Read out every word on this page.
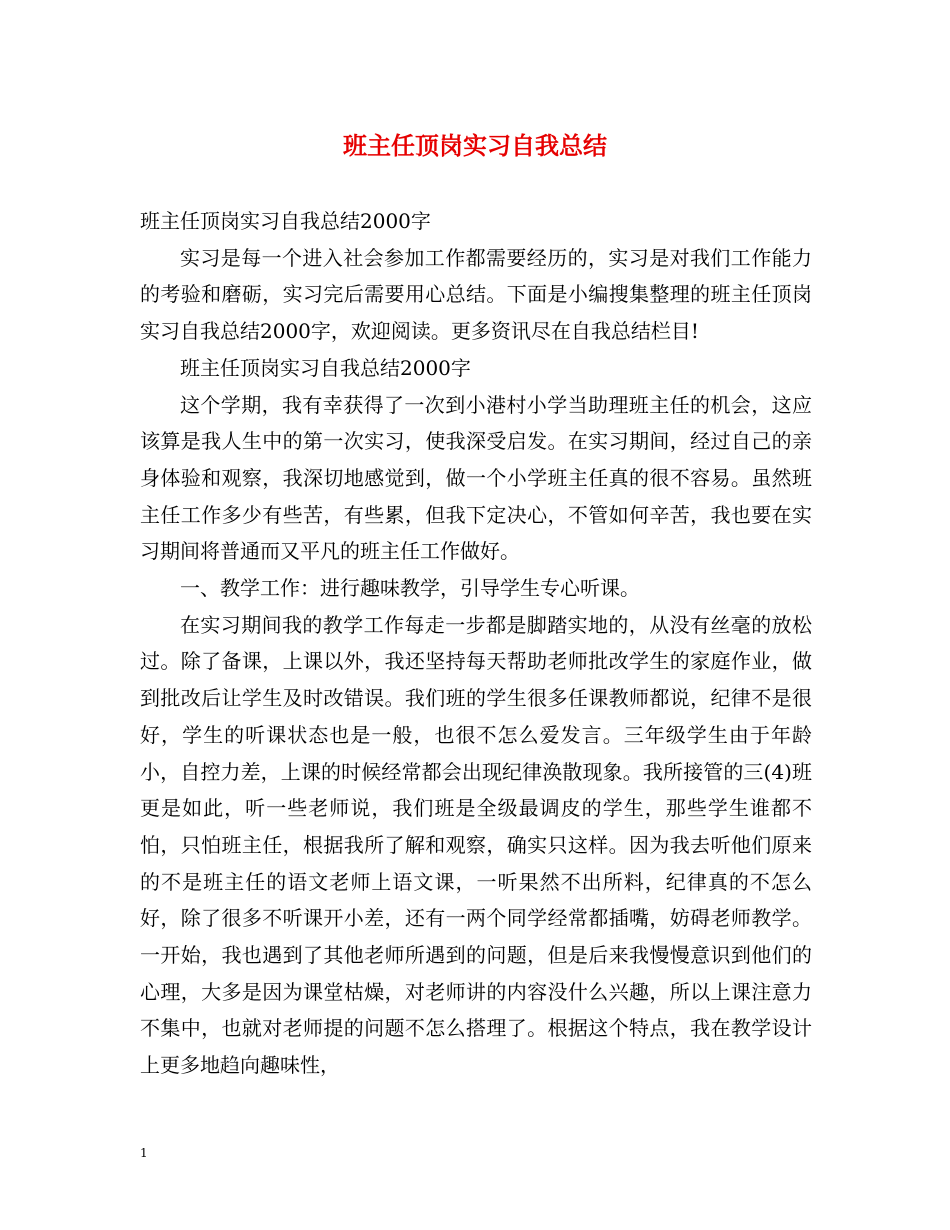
班主任顶岗实习自我总结

班主任顶岗实习自我总结2000字

实习是每一个进入社会参加工作都需要经历的，实习是对我们工作能力的考验和磨砺，实习完后需要用心总结。下面是小编搜集整理的班主任顶岗实习自我总结2000字，欢迎阅读。更多资讯尽在自我总结栏目!

班主任顶岗实习自我总结2000字

这个学期，我有幸获得了一次到小港村小学当助理班主任的机会，这应该算是我人生中的第一次实习，使我深受启发。在实习期间，经过自己的亲身体验和观察，我深切地感觉到，做一个小学班主任真的很不容易。虽然班主任工作多少有些苦，有些累，但我下定决心，不管如何辛苦，我也要在实习期间将普通而又平凡的班主任工作做好。

一、教学工作：进行趣味教学，引导学生专心听课。

在实习期间我的教学工作每走一步都是脚踏实地的，从没有丝毫的放松过。除了备课，上课以外，我还坚持每天帮助老师批改学生的家庭作业，做到批改后让学生及时改错误。我们班的学生很多任课教师都说，纪律不是很好，学生的听课状态也是一般，也很不怎么爱发言。三年级学生由于年龄小，自控力差，上课的时候经常都会出现纪律涣散现象。我所接管的三(4)班更是如此，听一些老师说，我们班是全级最调皮的学生，那些学生谁都不怕，只怕班主任，根据我所了解和观察，确实只这样。因为我去听他们原来的不是班主任的语文老师上语文课，一听果然不出所料，纪律真的不怎么好，除了很多不听课开小差，还有一两个同学经常都插嘴，妨碍老师教学。一开始，我也遇到了其他老师所遇到的问题，但是后来我慢慢意识到他们的心理，大多是因为课堂枯燥，对老师讲的内容没什么兴趣，所以上课注意力不集中，也就对老师提的问题不怎么搭理了。根据这个特点，我在教学设计上更多地趋向趣味性，

1
